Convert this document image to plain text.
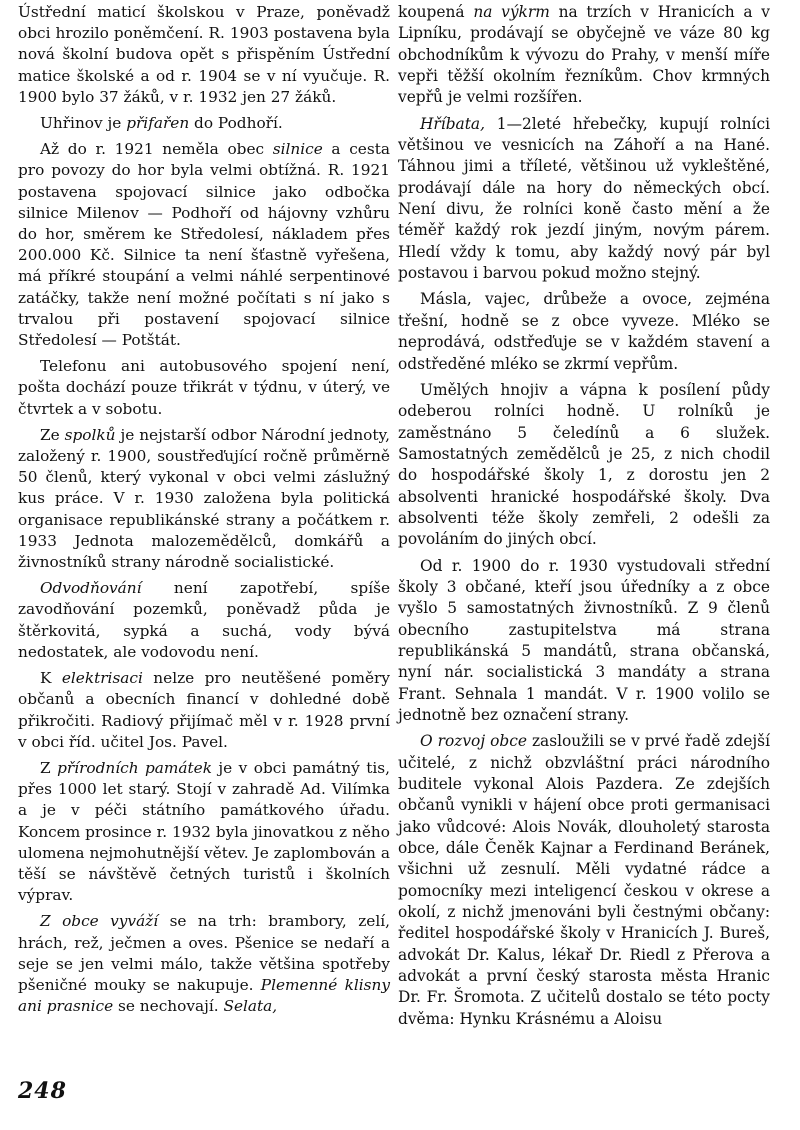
Ústřední maticí školskou v Praze, poněvadž obci hrozilo poněmčení. R. 1903 postavena byla nová školní budova opět s přispěním Ústřední matice školské a od r. 1904 se v ní vyučuje. R. 1900 bylo 37 žáků, v r. 1932 jen 27 žáků.

Uhřinov je přifařen do Podhoří.

Až do r. 1921 neměla obec silnice a cesta pro povozy do hor byla velmi obtížná. R. 1921 postavena spojovací silnice jako odbočka silnice Milenov — Podhoří od hájovny vzhůru do hor, směrem ke Středolesí, nákladem přes 200.000 Kč. Silnice ta není šťastně vyřešena, má příkré stoupání a velmi náhlé serpentinové zatáčky, takže není možné počítati s ní jako s trvalou při postavení spojovací silnice Středolesí — Potštát.

Telefonu ani autobusového spojení není, pošta dochází pouze třikrát v týdnu, v úterý, ve čtvrtek a v sobotu.

Ze spolků je nejstarší odbor Národní jednoty, založený r. 1900, soustřeďující ročně průměrně 50 členů, který vykonal v obci velmi záslužný kus práce. V r. 1930 založena byla politická organisace republikánské strany a počátkem r. 1933 Jednota malozemědělců, domkářů a živnostníků strany národně socialistické.

Odvodňování není zapotřebí, spíše zavodňování pozemků, poněvadž půda je štěrkovitá, sypká a suchá, vody bývá nedostatek, ale vodovodu není.

K elektrisaci nelze pro neutěšené poměry občanů a obecních financí v dohledné době přikročiti. Radiový přijímač měl v r. 1928 první v obci říd. učitel Jos. Pavel.

Z přírodních památek je v obci památný tis, přes 1000 let starý. Stojí v zahradě Ad. Vilímka a je v péči státního památkového úřadu. Koncem prosince r. 1932 byla jinovatkou z něho ulomena nejmohutnější větev. Je zaplombován a těší se návštěvě četných turistů i školních výprav.

Z obce vyváží se na trh: brambory, zelí, hrách, rež, ječmen a oves. Pšenice se nedaří a seje se jen velmi málo, takže většina spotřeby pšeničné mouky se nakupuje. Plemenné klisny ani prasnice se nechovají. Selata,

koupená na výkrm na trzích v Hranicích a v Lipníku, prodávají se obyčejně ve váze 80 kg obchodníkům k vývozu do Prahy, v menší míře vepři těžší okolním řezníkům. Chov krmných vepřů je velmi rozšířen.

Hříbata, 1—2leté hřebečky, kupují rolníci většinou ve vesnicích na Záhoří a na Hané. Táhnou jimi a tříleté, většinou už vykleštěné, prodávají dále na hory do německých obcí. Není divu, že rolníci koně často mění a že téměř každý rok jezdí jiným, novým párem. Hledí vždy k tomu, aby každý nový pár byl postavou i barvou pokud možno stejný.

Másla, vajec, drůbeže a ovoce, zejména třešní, hodně se z obce vyveze. Mléko se neprodává, odstřeďuje se v každém stavení a odstředěné mléko se zkrmí vepřům.

Umělých hnojiv a vápna k posílení půdy odeberou rolníci hodně. U rolníků je zaměstnáno 5 čeledínů a 6 služek. Samostatných zemědělců je 25, z nich chodil do hospodářské školy 1, z dorostu jen 2 absolventi hranické hospodářské školy. Dva absolventi téže školy zemřeli, 2 odešli za povoláním do jiných obcí.

Od r. 1900 do r. 1930 vystudovali střední školy 3 občané, kteří jsou úředníky a z obce vyšlo 5 samostatných živnostníků. Z 9 členů obecního zastupitelstva má strana republikánská 5 mandátů, strana občanská, nyní nár. socialistická 3 mandáty a strana Frant. Sehnala 1 mandát. V r. 1900 volilo se jednotně bez označení strany.

O rozvoj obce zasloužili se v prvé řadě zdejší učitelé, z nichž obzvláštní práci národního buditele vykonal Alois Pazdera. Ze zdejších občanů vynikli v hájení obce proti germanisaci jako vůdcové: Alois Novák, dlouholetý starosta obce, dále Čeněk Kajnar a Ferdinand Beránek, všichni už zesnulí. Měli vydatné rádce a pomocníky mezi inteligencí českou v okrese a okolí, z nichž jmenováni byli čestnými občany: ředitel hospodářské školy v Hranicích J. Bureš, advokát Dr. Kalus, lékař Dr. Riedl z Přerova a advokát a první český starosta města Hranic Dr. Fr. Šromota. Z učitelů dostalo se této pocty dvěma: Hynku Krásnému a Aloisu

248
